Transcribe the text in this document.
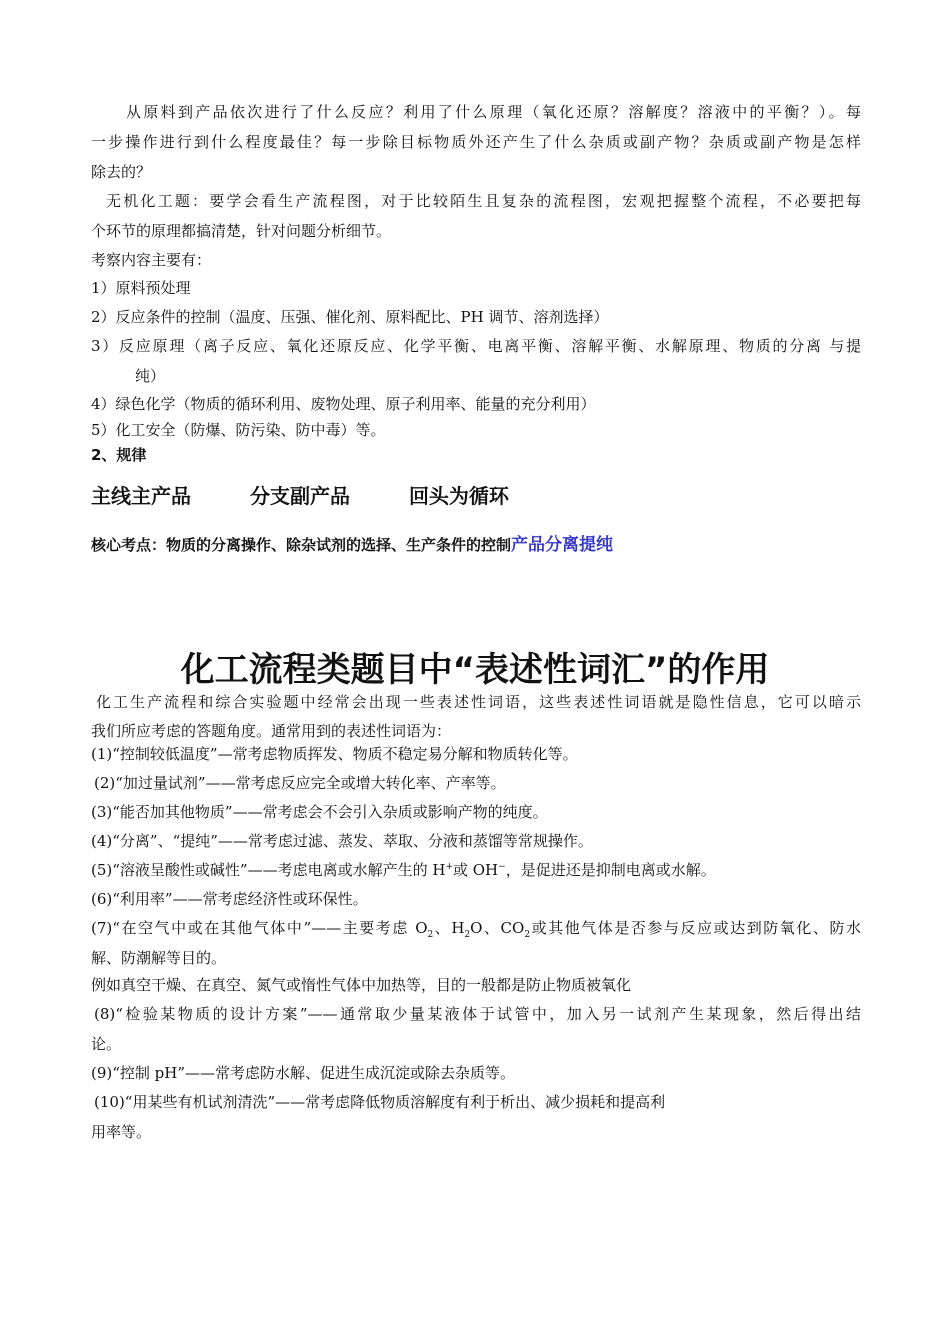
从原料到产品依次进行了什么反应？利用了什么原理（氧化还原？溶解度？溶液中的平衡？）。每
一步操作进行到什么程度最佳？每一步除目标物质外还产生了什么杂质或副产物？杂质或副产物是怎样
除去的？
无机化工题：要学会看生产流程图，对于比较陌生且复杂的流程图，宏观把握整个流程，不必要把每
个环节的原理都搞清楚，针对问题分析细节。
考察内容主要有：
1）原料预处理
2）反应条件的控制（温度、压强、催化剂、原料配比、PH 调节、溶剂选择）
3）反应原理（离子反应、氧化还原反应、化学平衡、电离平衡、溶解平衡、水解原理、物质的分离 与提
纯）
4）绿色化学（物质的循环利用、废物处理、原子利用率、能量的充分利用）
5）化工安全（防爆、防污染、防中毒）等。
2、规律
主线主产品	分支副产品	回头为循环
核心考点：物质的分离操作、除杂试剂的选择、生产条件的控制产品分离提纯
化工流程类题目中“表述性词汇”的作用
化工生产流程和综合实验题中经常会出现一些表述性词语，这些表述性词语就是隐性信息，它可以暗示
我们所应考虑的答题角度。通常用到的表述性词语为：
(1)“控制较低温度”—常考虑物质挥发、物质不稳定易分解和物质转化等。
(2)“加过量试剂”——常考虑反应完全或增大转化率、产率等。
(3)“能否加其他物质”——常考虑会不会引入杂质或影响产物的纯度。
(4)“分离”、“提纯”——常考虑过滤、蒸发、萃取、分液和蒸馏等常规操作。
(5)“溶液呈酸性或碱性”——考虑电离或水解产生的 H+或 OH−，是促进还是抑制电离或水解。
(6)“利用率”——常考虑经济性或环保性。
(7)“在空气中或在其他气体中”——主要考虑 $O_2$、$H_2O$、$CO_2$或其他气体是否参与反应或达到防氧化、防水
解、防潮解等目的。
例如真空干燥、在真空、氮气或惰性气体中加热等，目的一般都是防止物质被氧化
(8)“检验某物质的设计方案”——通常取少量某液体于试管中，加入另一试剂产生某现象，然后得出结
论。
(9)“控制 pH”——常考虑防水解、促进生成沉淀或除去杂质等。
(10)“用某些有机试剂清洗”——常考虑降低物质溶解度有利于析出、减少损耗和提高利
用率等。
